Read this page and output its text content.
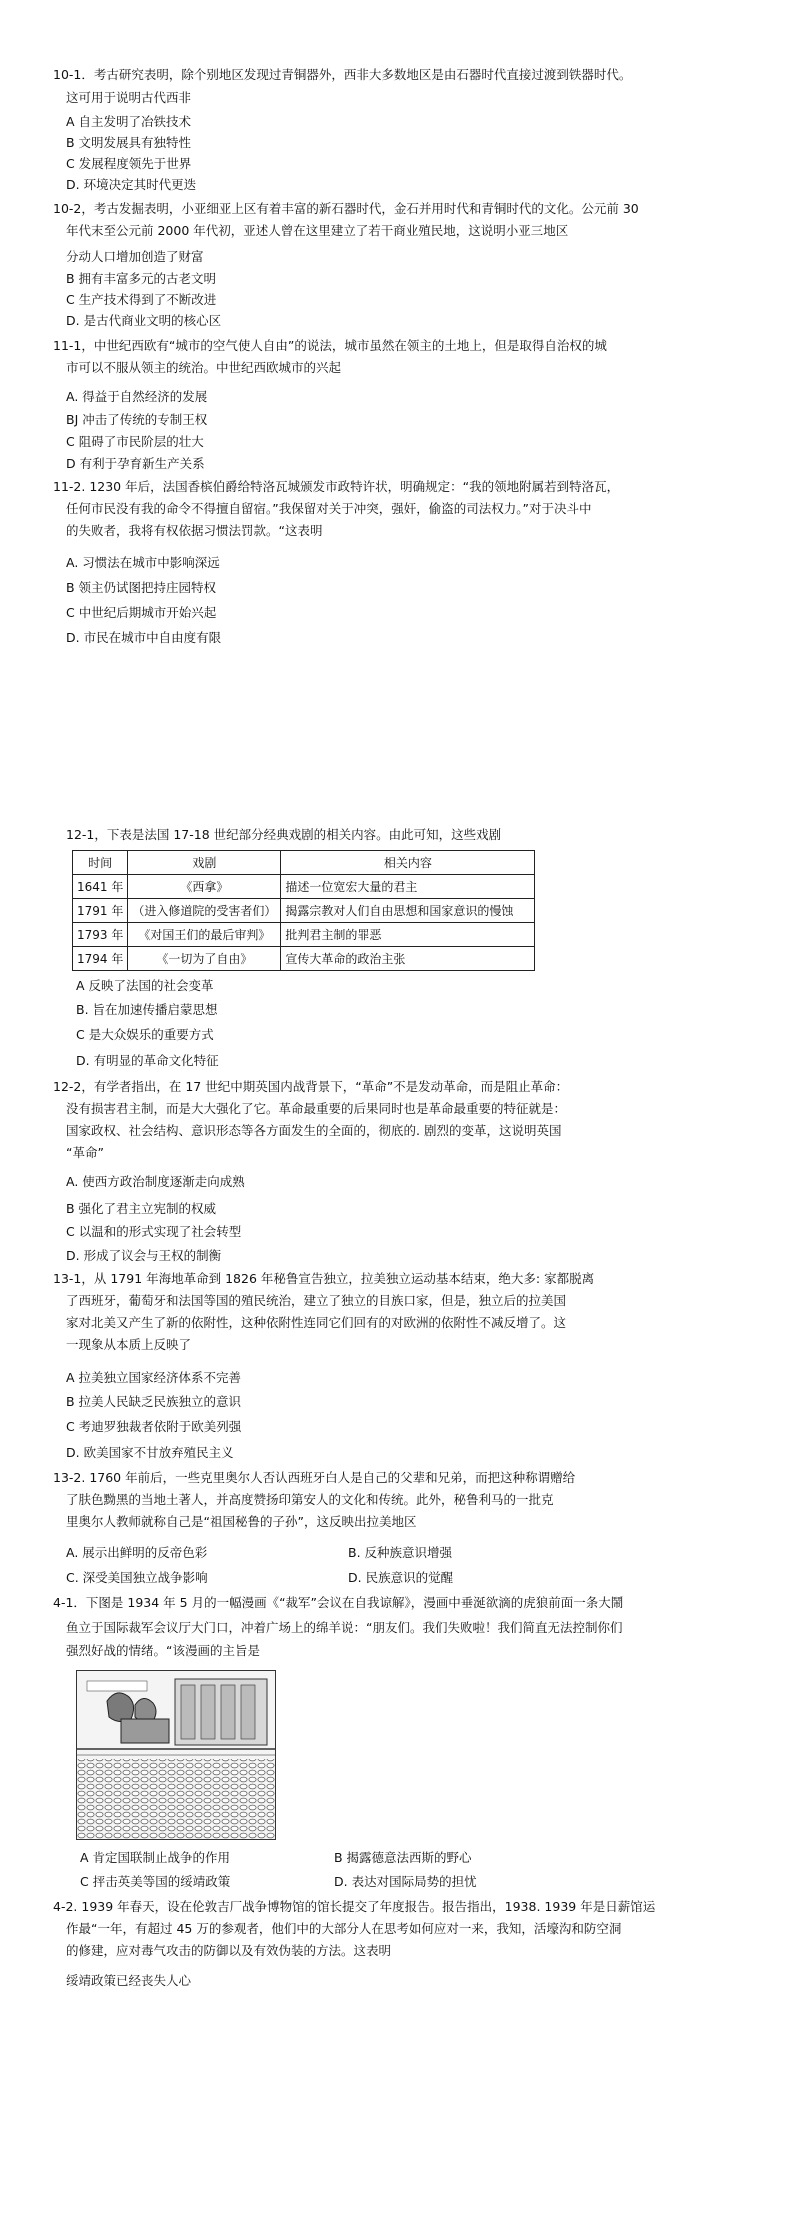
10-1．考古研究表明，除个别地区发现过青铜器外，西非大多数地区是由石器时代直接过渡到铁器时代。
这可用于说明古代西非
A 自主发明了冶铁技术
B 文明发展具有独特性
C 发展程度领先于世界
D. 环境决定其时代更迭
10-2，考古发掘表明，小亚细亚上区有着丰富的新石器时代，金石并用时代和青铜时代的文化。公元前 30
年代末至公元前 2000 年代初，亚述人曾在这里建立了若干商业殖民地，这说明小亚三地区
分动人口增加创造了财富
B 拥有丰富多元的古老文明
C 生产技术得到了不断改进
D. 是古代商业文明的核心区
11-1，中世纪西欧有“城市的空气使人自由”的说法，城市虽然在领主的土地上，但是取得自治权的城
市可以不服从领主的统治。中世纪西欧城市的兴起
A. 得益于自然经济的发展
BJ 冲击了传统的专制王权
C 阻碍了市民阶层的壮大
D 有利于孕育新生产关系
11-2. 1230 年后，法国香槟伯爵给特洛瓦城颁发市政特许状，明确规定：“我的领地附属若到特洛瓦，
任何市民没有我的命令不得擅自留宿。”我保留对关于冲突，强奸，偷盗的司法权力。”对于决斗中
的失败者，我将有权依据习惯法罚款。“这表明
A. 习惯法在城市中影响深远
B 领主仍试图把持庄园特权
C 中世纪后期城市开始兴起
D. 市民在城市中自由度有限
12-1，下表是法国 17-18 世纪部分经典戏剧的相关内容。由此可知，这些戏剧
时间	戏剧	相关内容
1641 年	《西拿》	描述一位宽宏大量的君主
1791 年	（进入修道院的受害者们）	揭露宗教对人们自由思想和国家意识的慢蚀
1793 年	《对国王们的最后审判》	批判君主制的罪恶
1794 年	《一切为了自由》	宣传大革命的政治主张
A 反映了法国的社会变革
B. 旨在加速传播启蒙思想
C 是大众娱乐的重要方式
D. 有明显的革命文化特征
12-2，有学者指出，在 17 世纪中期英国内战背景下，“革命”不是发动革命，而是阻止革命：
没有损害君主制，而是大大强化了它。革命最重要的后果同时也是革命最重要的特征就是：
国家政权、社会结构、意识形态等各方面发生的全面的，彻底的. 剧烈的变革，这说明英国
“革命”
A. 使西方政治制度逐渐走向成熟
B 强化了君主立宪制的权威
C 以温和的形式实现了社会转型
D. 形成了议会与王权的制衡
13-1，从 1791 年海地革命到 1826 年秘鲁宣告独立，拉美独立运动基本结束，绝大多: 家都脱离
了西班牙，葡萄牙和法国等国的殖民统治，建立了独立的目族口家，但是，独立后的拉美国
家对北美又产生了新的依附性，这种依附性连同它们回有的对欧洲的依附性不减反增了。这
一现象从本质上反映了
A 拉美独立国家经济体系不完善
B 拉美人民缺乏民族独立的意识
C 考迪罗独裁者依附于欧美列强
D. 欧美国家不甘放弃殖民主义
13-2. 1760 年前后，一些克里奥尔人否认西班牙白人是自己的父辈和兄弟，而把这种称谓赠给
了肤色黝黑的当地土著人，并高度赞扬印第安人的文化和传统。此外，秘鲁利马的一批克
里奥尔人教师就称自己是“祖国秘鲁的子孙”，这反映出拉美地区
A. 展示出鲜明的反帝色彩	B. 反种族意识增强
C. 深受美国独立战争影响	D. 民族意识的觉醒
4-1．下图是 1934 年 5 月的一幅漫画《“裁军”会议在自我谅解》，漫画中垂涎欲滴的虎狼前面一条大鬧
鱼立于国际裁军会议厅大门口，冲着广场上的绵羊说：“朋友们。我们失败啦！我们简直无法控制你们
强烈好战的情绪。“该漫画的主旨是
A 肯定国联制止战争的作用	B 揭露德意法西斯的野心
C 抨击英美等国的绥靖政策	D. 表达对国际局势的担忧
4-2. 1939 年春天，设在伦敦吉厂战争博物馆的馆长提交了年度报告。报告指出，1938. 1939 年是日薪馆运
作最“一年，有超过 45 万的参观者，他们中的大部分人在思考如何应对一来，我知，活壕沟和防空洞
的修建，应对毒气攻击的防御以及有效伪装的方法。这表明
绥靖政策已经丧失人心
